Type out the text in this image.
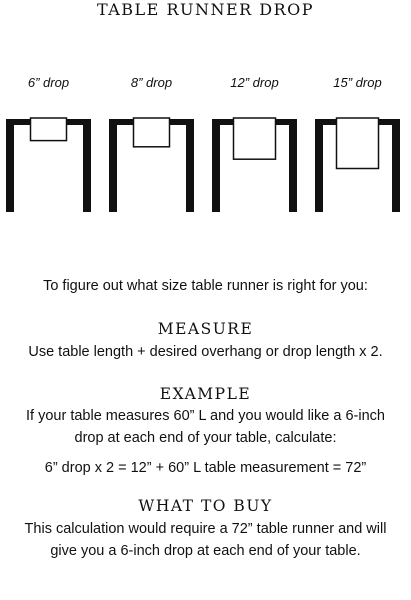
TABLE RUNNER DROP
6” drop	8” drop	12” drop	15” drop
To figure out what size table runner is right for you:
MEASURE
Use table length + desired overhang or drop length x 2.
EXAMPLE
If your table measures 60” L and you would like a 6-inch
drop at each end of your table, calculate:
6” drop x 2 = 12” + 60” L table measurement = 72”
WHAT TO BUY
This calculation would require a 72” table runner and will
give you a 6-inch drop at each end of your table.
